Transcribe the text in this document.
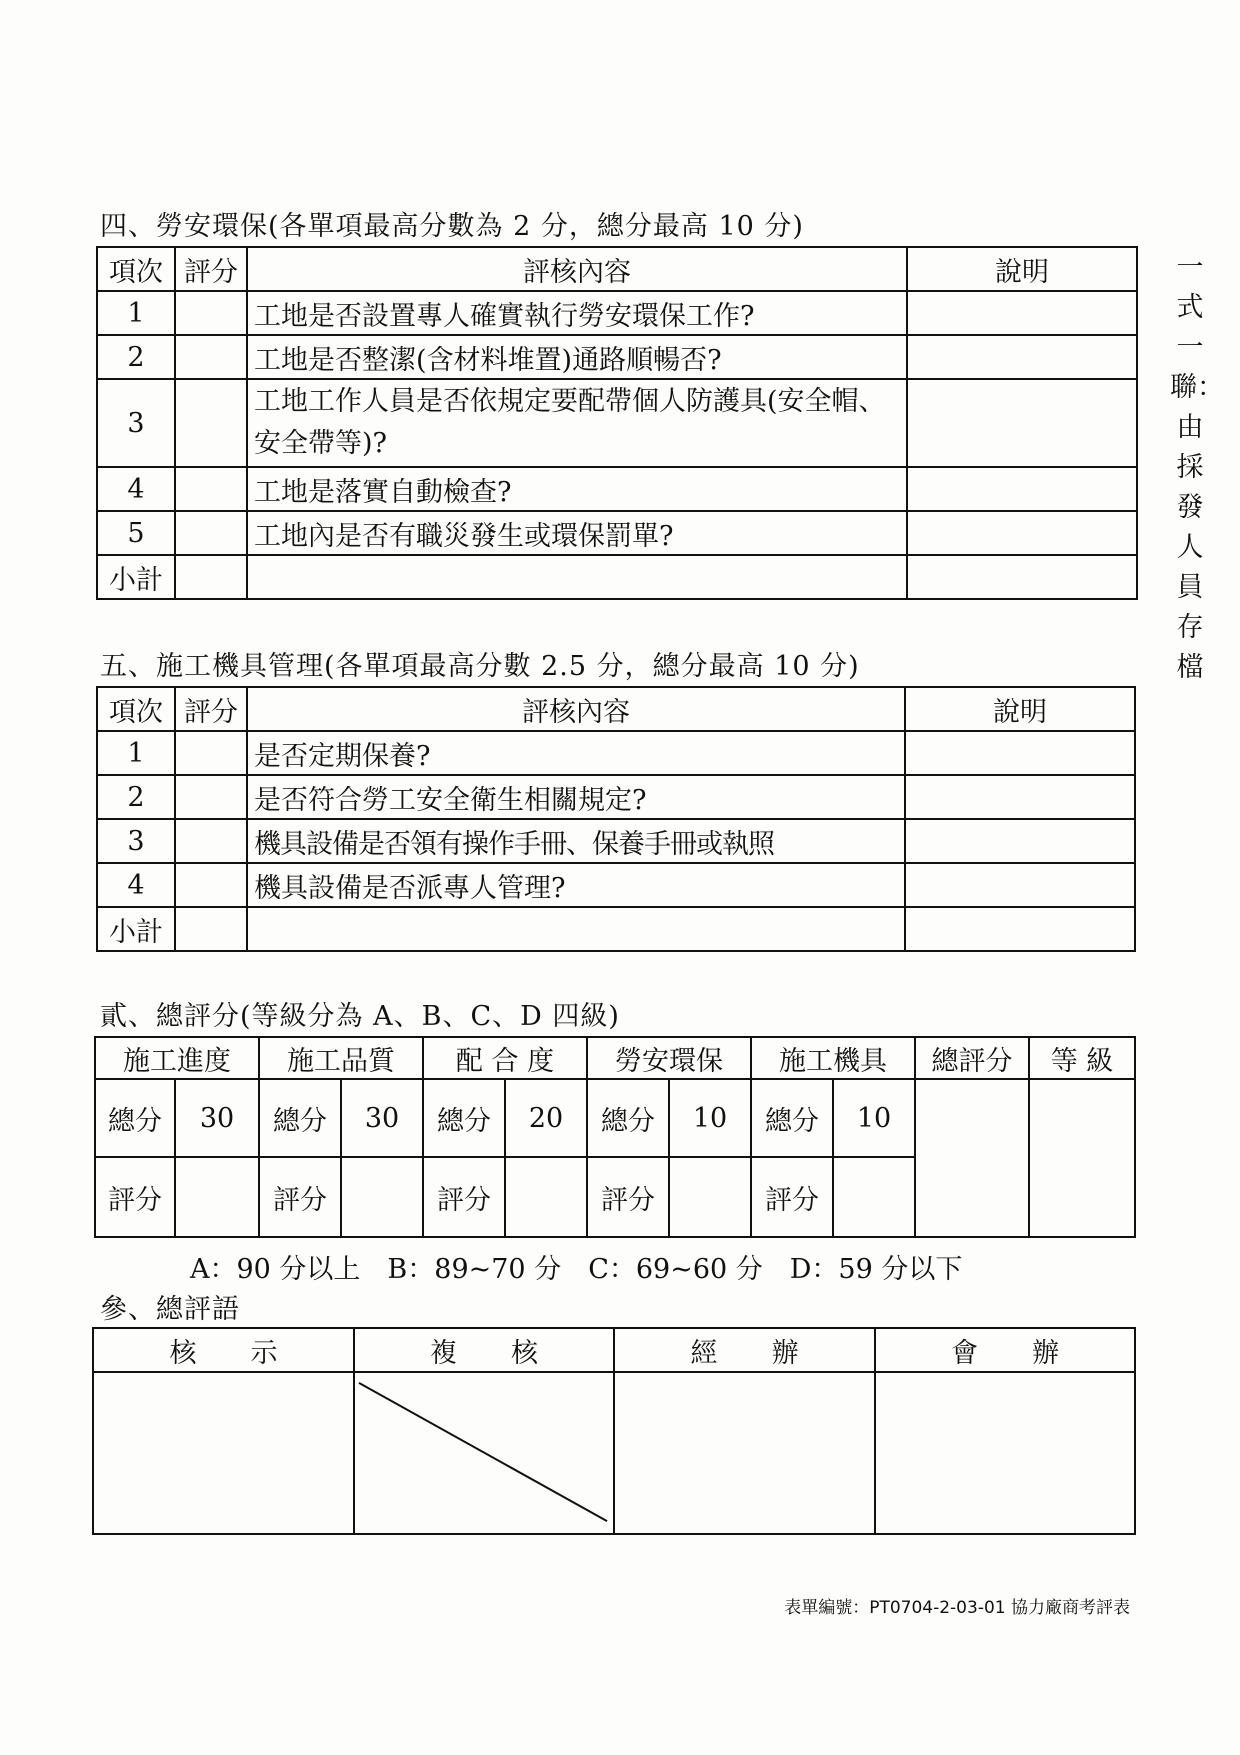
一式一聯：由採發人員存檔
四、勞安環保(各單項最高分數為 2 分，總分最高 10 分)
項次	評分	評核內容	說明
1		工地是否設置專人確實執行勞安環保工作?	
2		工地是否整潔(含材料堆置)通路順暢否?	
3		工地工作人員是否依規定要配帶個人防護具(安全帽、安全帶等)?	
4		工地是落實自動檢查?	
5		工地內是否有職災發生或環保罰單?	
小計			
五、施工機具管理(各單項最高分數 2.5 分，總分最高 10 分)
項次	評分	評核內容	說明
1		是否定期保養?	
2		是否符合勞工安全衛生相關規定?	
3		機具設備是否領有操作手冊、保養手冊或執照	
4		機具設備是否派專人管理?	
小計			
貳、總評分(等級分為 A、B、C、D 四級)
施工進度		施工品質		配 合 度		勞安環保		施工機具		總評分	等 級
總分	30	總分	30	總分	20	總分	10	總分	10		
評分		評分		評分		評分		評分			
A：90 分以上　B：89~70 分　C：69~60 分　D：59 分以下
參、總評語
核　　示	複　　核	經　　辦	會　　辦

表單編號：PT0704-2-03-01 協力廠商考評表
